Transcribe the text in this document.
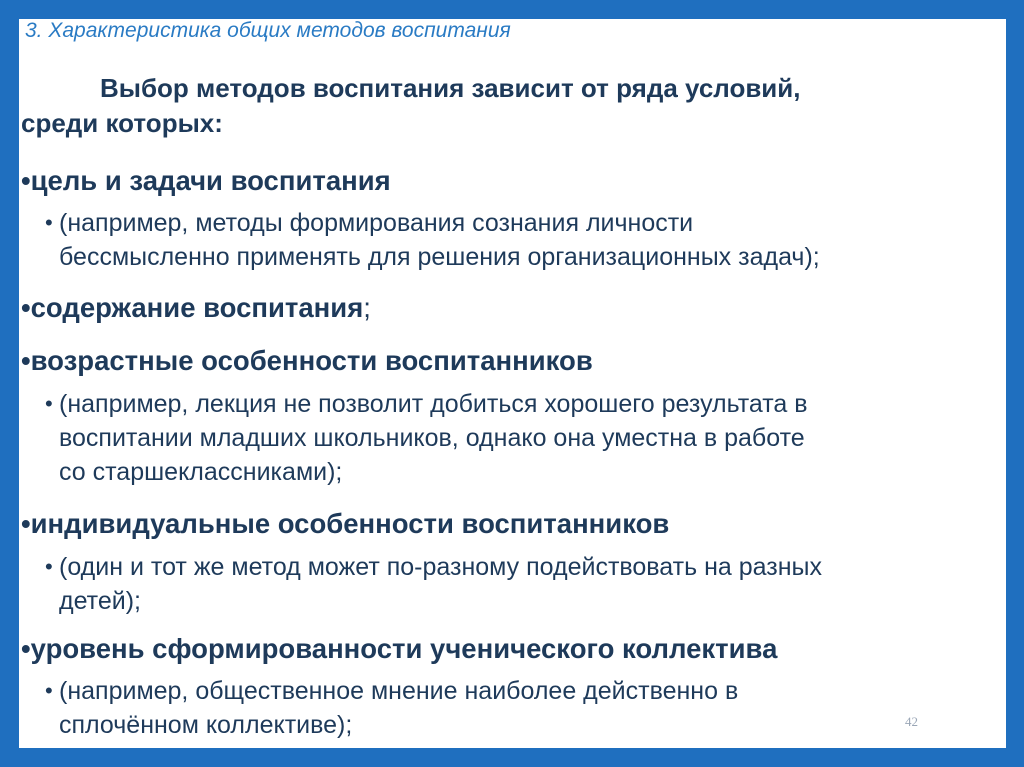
3. Характеристика общих методов воспитания
Выбор методов воспитания зависит от ряда условий,
среди которых:
•цель и задачи воспитания
• (например, методы формирования сознания личности
бессмысленно применять для решения организационных задач);
•содержание воспитания;
•возрастные особенности воспитанников
• (например, лекция не позволит добиться хорошего результата в
воспитании младших школьников, однако она уместна в работе
со старшеклассниками);
•индивидуальные особенности воспитанников
• (один и тот же метод может по-разному подействовать на разных
детей);
•уровень сформированности ученического коллектива
• (например, общественное мнение наиболее действенно в
сплочённом коллективе);	42
